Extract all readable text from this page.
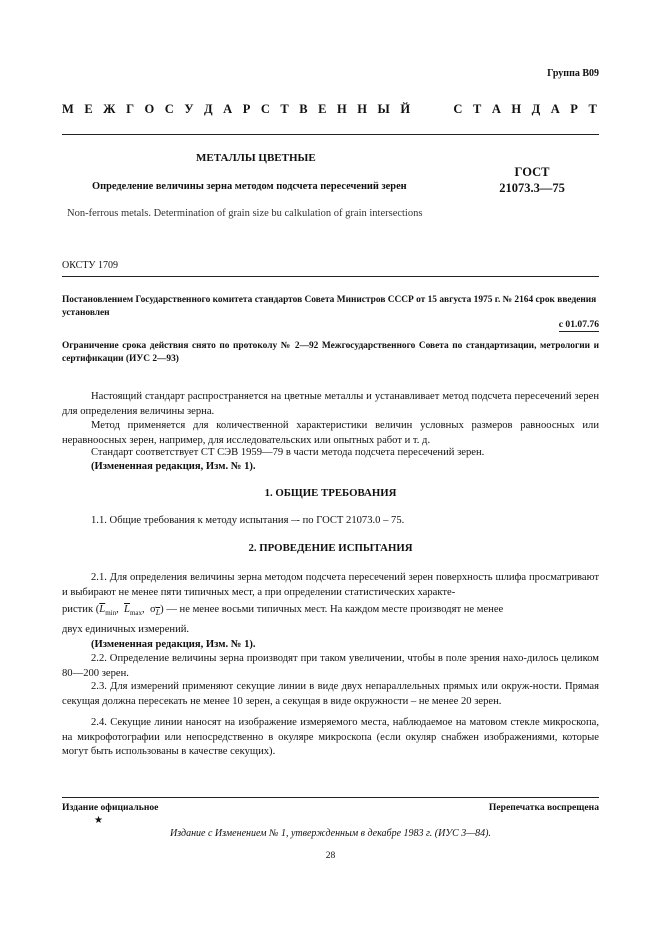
Группа В09
М Е Ж Г О С У Д А Р С Т В Е Н Н Ы Й	С Т А Н Д А Р Т
МЕТАЛЛЫ ЦВЕТНЫЕ
Определение величины зерна методом подсчета пересечений зерен
ГОСТ
21073.3—75
Non-ferrous metals. Determination of grain size bu calkulation of grain intersections
ОКСТУ 1709
Постановлением Государственного комитета стандартов Совета Министров СССР от 15 августа 1975 г. № 2164 срок введения установлен
с 01.07.76
Ограничение срока действия снято по протоколу № 2—92 Межгосударственного Совета по стандартизации, метрологии и сертификации (ИУС 2—93)
Настоящий стандарт распространяется на цветные металлы и устанавливает метод подсчета пересечений зерен для определения величины зерна.
Метод применяется для количественной характеристики величин условных размеров равноосных или неравноосных зерен, например, для исследовательских или опытных работ и т. д.
Стандарт соответствует СТ СЭВ 1959—79 в части метода подсчета пересечений зерен.
(Измененная редакция, Изм. № 1).
1. ОБЩИЕ ТРЕБОВАНИЯ
1.1. Общие требования к методу испытания –- по ГОСТ 21073.0 – 75.
2. ПРОВЕДЕНИЕ ИСПЫТАНИЯ
2.1. Для определения величины зерна методом подсчета пересечений зерен поверхность шлифа просматривают и выбирают не менее пяти типичных мест, а при определении статистических характе-
ристик ($\overline{L}_{min}$,  $\overline{L}_{max}$,  $\sigma_{\overline{L}}$) — не менее восьми типичных мест. На каждом месте производят не менее
двух единичных измерений.
(Измененная редакция, Изм. № 1).
2.2. Определение величины зерна производят при таком увеличении, чтобы в поле зрения нахо-дилось целиком 80—200 зерен.
2.3. Для измерений применяют секущие линии в виде двух непараллельных прямых или окруж-ности. Прямая секущая должна пересекать не менее 10 зерен, а секущая в виде окружности – не менее 20 зерен.
2.4. Секущие линии наносят на изображение измеряемого места, наблюдаемое на матовом стекле микроскопа, на микрофотографии или непосредственно в окуляре микроскопа (если окуляр снабжен изображениями, которые могут быть использованы в качестве секущих).
Издание официальное	Перепечатка воспрещена
★
Издание с Изменением № 1, утвержденным в декабре 1983 г. (ИУС 3—84).
28
